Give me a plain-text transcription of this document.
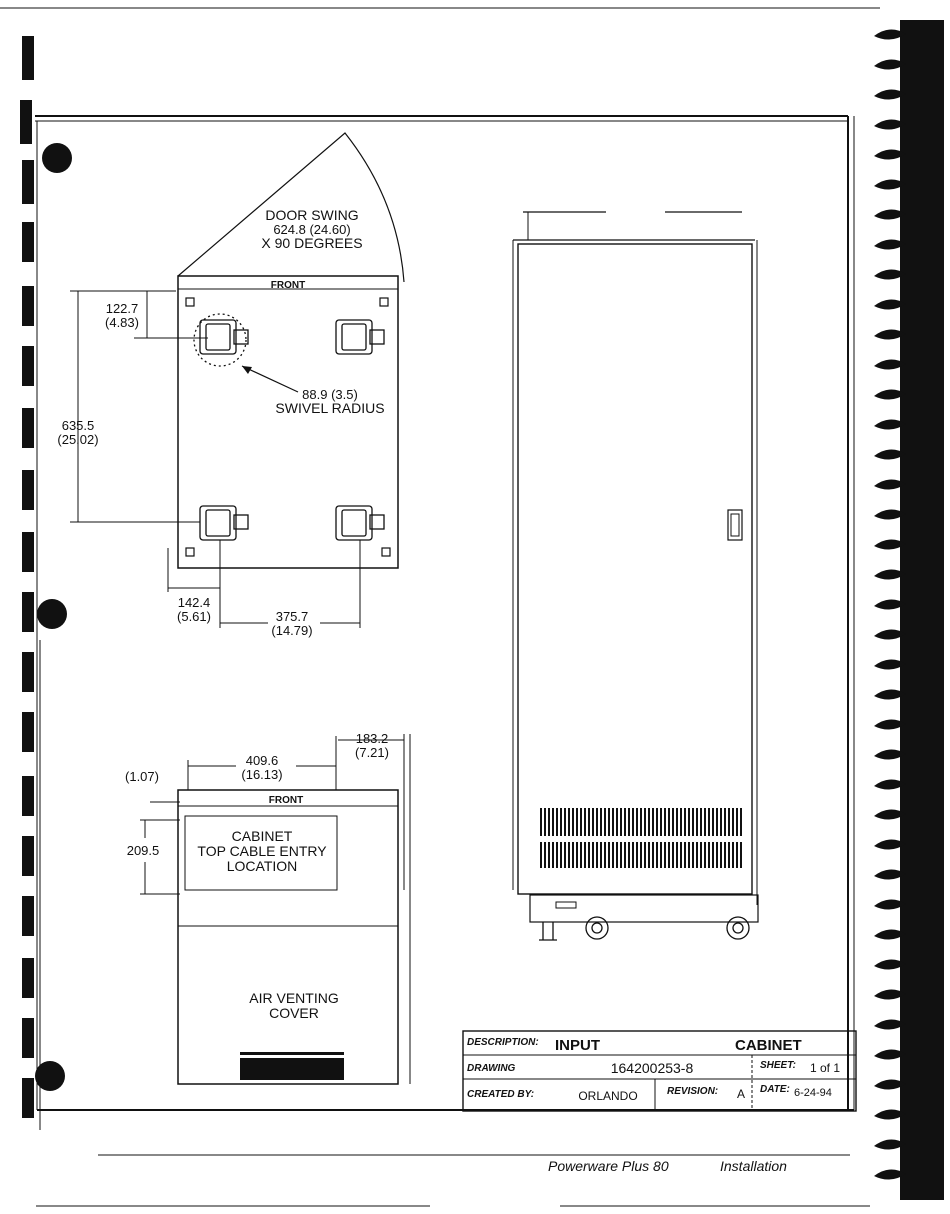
DOOR SWING
624.8 (24.60)
X 90 DEGREES
FRONT
122.7
(4.83)
635.5
(25.02)
88.9 (3.5)
SWIVEL RADIUS
142.4
(5.61)	375.7
(14.79)
183.2
(7.21)
409.6
(16.13)
(1.07)
209.5
FRONT
CABINET
TOP CABLE ENTRY
LOCATION
AIR VENTING
COVER
DESCRIPTION: INPUT	CABINET
DRAWING	164200253-8	SHEET: 1 of 1
CREATED BY:	ORLANDO	REVISION: A DATE: 6-24-94
Powerware Plus 80	Installation
